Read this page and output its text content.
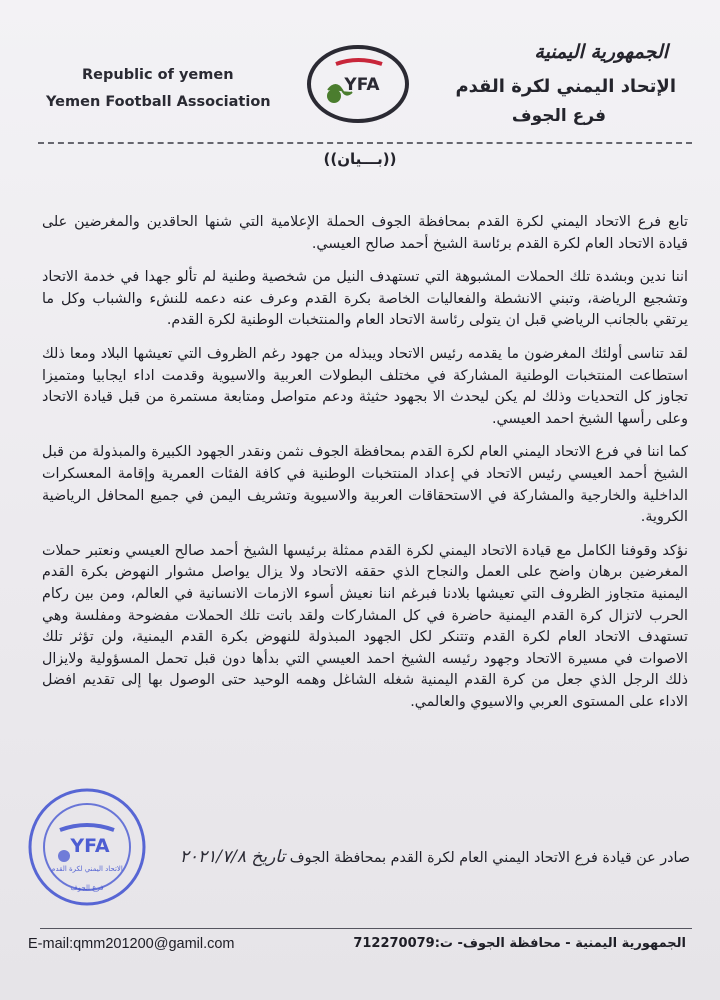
Republic of yemen
Yemen Football Association
YFA
الجمهورية اليمنية
الإتحاد اليمني لكرة القدم
فرع الجوف
((بـــيان))

تابع فرع الاتحاد اليمني لكرة القدم بمحافظة الجوف الحملة الإعلامية التي شنها الحاقدين والمغرضين على قيادة الاتحاد العام لكرة القدم برئاسة الشيخ أحمد صالح العيسي.

اننا ندين وبشدة تلك الحملات المشبوهة التي تستهدف النيل من شخصية وطنية لم تألو جهدا في خدمة الاتحاد وتشجيع الرياضة، وتبني الانشطة والفعاليات الخاصة بكرة القدم وعرف عنه دعمه للنشء والشباب وكل ما يرتقي بالجانب الرياضي قبل ان يتولى رئاسة الاتحاد العام والمنتخبات الوطنية لكرة القدم.

لقد تناسى أولئك المغرضون ما يقدمه رئيس الاتحاد ويبذله من جهود رغم الظروف التي تعيشها البلاد ومعا ذلك استطاعت المنتخبات الوطنية المشاركة في مختلف البطولات العربية والاسيوية وقدمت اداء ايجابيا ومتميزا تجاوز كل التحديات وذلك لم يكن ليحدث الا بجهود حثيثة ودعم متواصل ومتابعة مستمرة من قبل قيادة الاتحاد وعلى رأسها الشيخ احمد العيسي.

كما اننا في فرع الاتحاد اليمني العام لكرة القدم بمحافظة الجوف نثمن ونقدر الجهود الكبيرة والمبذولة من قبل الشيخ أحمد العيسي رئيس الاتحاد في إعداد المنتخبات الوطنية في كافة الفئات العمرية وإقامة المعسكرات الداخلية والخارجية والمشاركة في الاستحقاقات العربية والاسيوية وتشريف اليمن في جميع المحافل الرياضية الكروية.

نؤكد وقوفنا الكامل مع قيادة الاتحاد اليمني لكرة القدم ممثلة برئيسها الشيخ أحمد صالح العيسي ونعتبر حملات المغرضين برهان واضح على العمل والنجاح الذي حققه الاتحاد ولا يزال يواصل مشوار النهوض بكرة القدم اليمنية متجاوز الظروف التي تعيشها بلادنا فبرغم اننا نعيش أسوء الازمات الانسانية في العالم، ومن بين ركام الحرب لاتزال كرة القدم اليمنية حاضرة في كل المشاركات ولقد باتت تلك الحملات مفضوحة ومفلسة وهي تستهدف الاتحاد العام لكرة القدم وتتنكر لكل الجهود المبذولة للنهوض بكرة القدم اليمنية، ولن تؤثر تلك الاصوات في مسيرة الاتحاد وجهود رئيسه الشيخ احمد العيسي التي بدأها دون قبل تحمل المسؤولية ولايزال ذلك الرجل الذي جعل من كرة القدم اليمنية شغله الشاغل وهمه الوحيد حتى الوصول بها إلى تقديم افضل الاداء على المستوى العربي والاسيوي والعالمي.

صادر عن قيادة فرع الاتحاد اليمني العام لكرة القدم بمحافظة الجوف تاريخ ٢٠٢١/٧/٨
YFA
الاتحاد اليمني لكرة القدم
فرع الجوف
E-mail:qmm201200@gamil.com	الجمهورية اليمنية - محافظة الجوف- ت:712270079
